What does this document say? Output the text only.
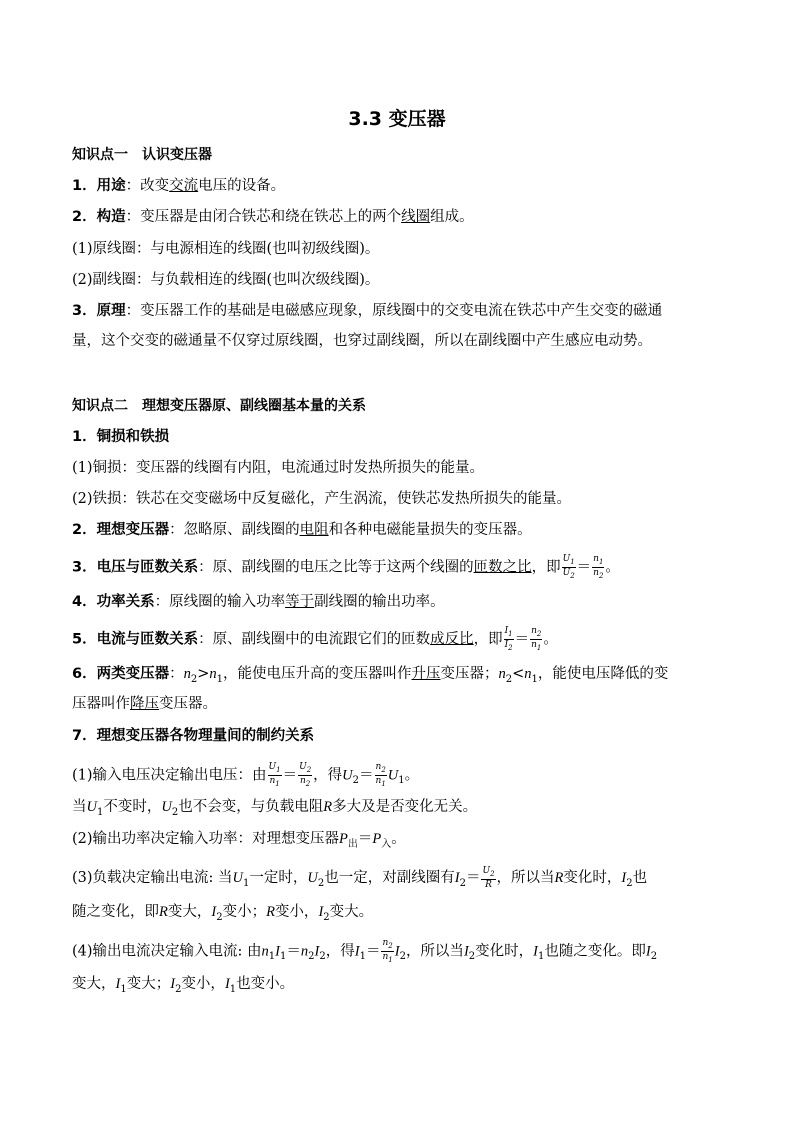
3.3 变压器
知识点一　认识变压器
1．用途：改变交流电压的设备。
2．构造：变压器是由闭合铁芯和绕在铁芯上的两个线圈组成。
(1)原线圈：与电源相连的线圈(也叫初级线圈)。
(2)副线圈：与负载相连的线圈(也叫次级线圈)。
3．原理：变压器工作的基础是电磁感应现象，原线圈中的交变电流在铁芯中产生交变的磁通
量，这个交变的磁通量不仅穿过原线圈，也穿过副线圈，所以在副线圈中产生感应电动势。
知识点二　理想变压器原、副线圈基本量的关系
1．铜损和铁损
(1)铜损：变压器的线圈有内阻，电流通过时发热所损失的能量。
(2)铁损：铁芯在交变磁场中反复磁化，产生涡流，使铁芯发热所损失的能量。
2．理想变压器：忽略原、副线圈的电阻和各种电磁能量损失的变压器。
3．电压与匝数关系：原、副线圈的电压之比等于这两个线圈的匝数之比，即 $\frac{U_1}{U_2} = \frac{n_1}{n_2}$ 。
4．功率关系：原线圈的输入功率等于副线圈的输出功率。
5．电流与匝数关系：原、副线圈中的电流跟它们的匝数成反比，即 $\frac{I_1}{I_2} = \frac{n_2}{n_1}$ 。
6．两类变压器：$n_2>n_1$，能使电压升高的变压器叫作升压变压器；$n_2<n_1$，能使电压降低的变
压器叫作降压变压器。
7．理想变压器各物理量间的制约关系
(1)输入电压决定输出电压：由 $\frac{U_1}{n_1} = \frac{U_2}{n_2}$ ，得$U_2= \frac{n_2}{n_1} U_1$。
当$U_1$不变时，$U_2$也不会变，与负载电阻R多大及是否变化无关。
(2)输出功率决定输入功率：对理想变压器$P_出=P_入$。
(3)负载决定输出电流: 当$U_1$一定时，$U_2$也一定，对副线圈有$I_2= \frac{U_2}{R}$ ，所以当R变化时，$I_2$也
随之变化，即R变大，$I_2$变小；R变小，$I_2$变大。
(4)输出电流决定输入电流: 由$n_1I_1=n_2I_2$，得$I_1= \frac{n_2}{n_1} I_2$，所以当$I_2$变化时，$I_1$也随之变化。即$I_2$
变大，$I_1$变大；$I_2$变小，$I_1$也变小。
